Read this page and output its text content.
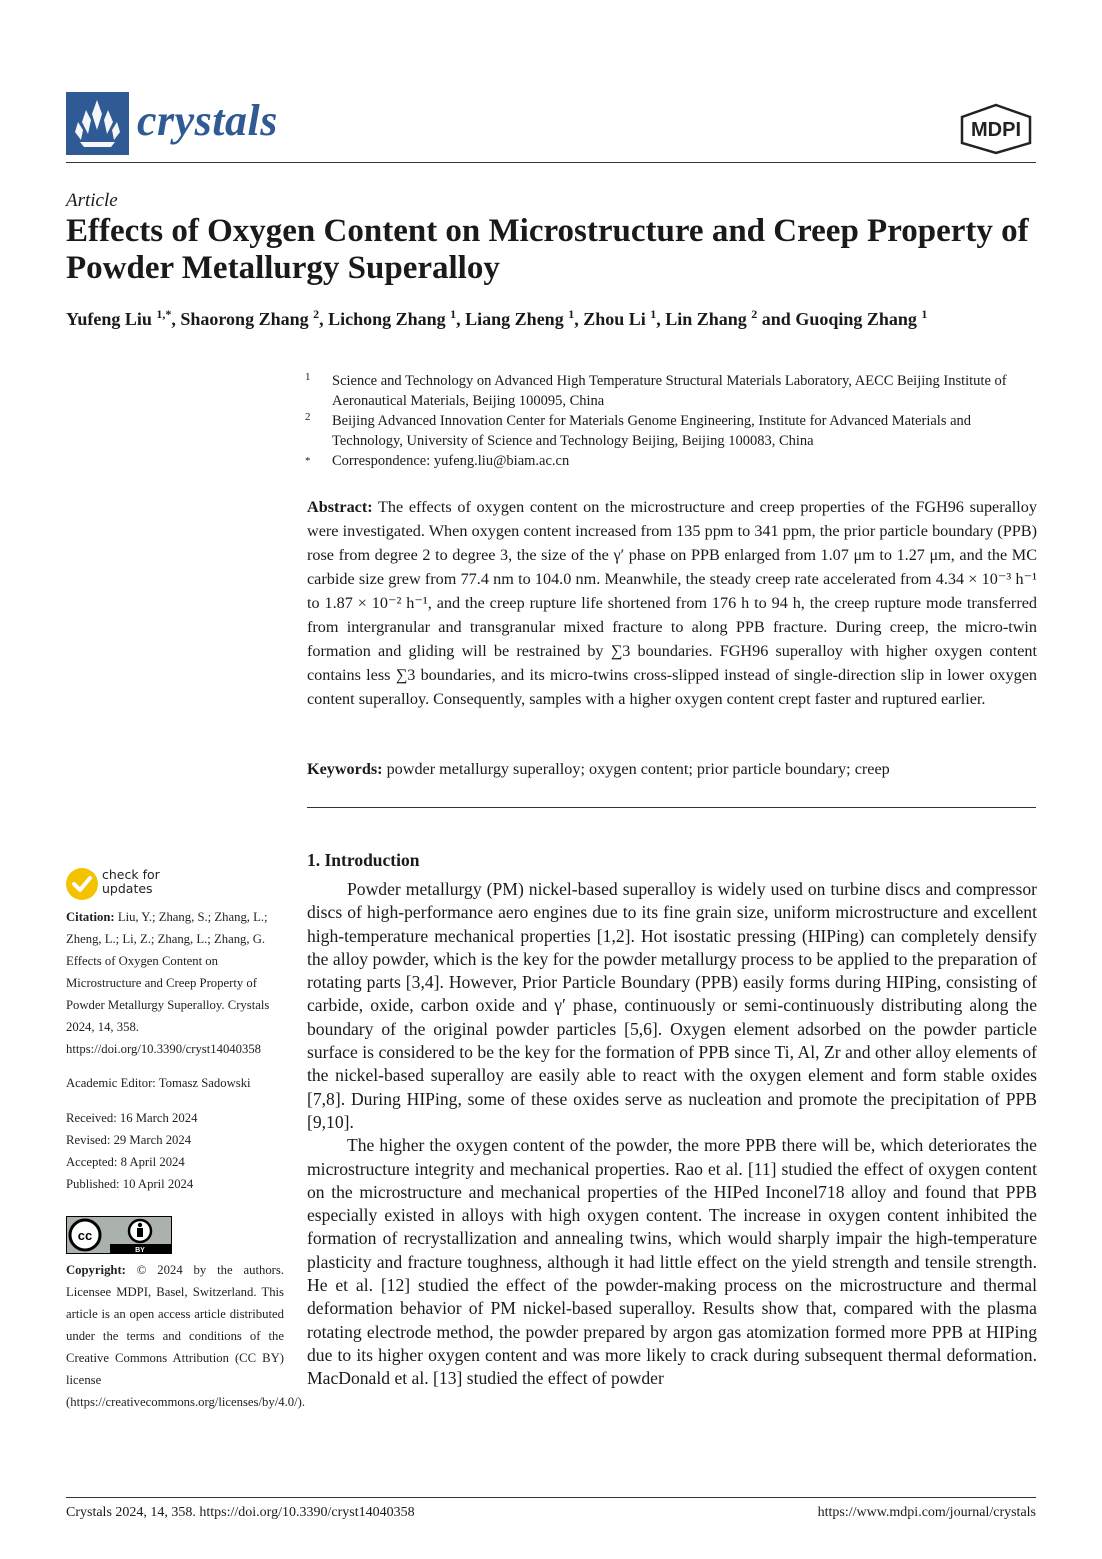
crystals	MDPI
Article
Effects of Oxygen Content on Microstructure and Creep Property of Powder Metallurgy Superalloy
Yufeng Liu $^{1,*}$, Shaorong Zhang $^2$, Lichong Zhang $^1$, Liang Zheng $^1$, Zhou Li $^1$, Lin Zhang $^2$ and Guoqing Zhang $^1$
1 Science and Technology on Advanced High Temperature Structural Materials Laboratory, AECC Beijing Institute of Aeronautical Materials, Beijing 100095, China
2 Beijing Advanced Innovation Center for Materials Genome Engineering, Institute for Advanced Materials and Technology, University of Science and Technology Beijing, Beijing 100083, China
* Correspondence: yufeng.liu@biam.ac.cn
Abstract: The effects of oxygen content on the microstructure and creep properties of the FGH96 superalloy were investigated. When oxygen content increased from 135 ppm to 341 ppm, the prior particle boundary (PPB) rose from degree 2 to degree 3, the size of the γ′ phase on PPB enlarged from 1.07 μm to 1.27 μm, and the MC carbide size grew from 77.4 nm to 104.0 nm. Meanwhile, the steady creep rate accelerated from 4.34 × 10⁻³ h⁻¹ to 1.87 × 10⁻² h⁻¹, and the creep rupture life shortened from 176 h to 94 h, the creep rupture mode transferred from intergranular and transgranular mixed fracture to along PPB fracture. During creep, the micro-twin formation and gliding will be restrained by ∑3 boundaries. FGH96 superalloy with higher oxygen content contains less ∑3 boundaries, and its micro-twins cross-slipped instead of single-direction slip in lower oxygen content superalloy. Consequently, samples with a higher oxygen content crept faster and ruptured earlier.
Keywords: powder metallurgy superalloy; oxygen content; prior particle boundary; creep
1. Introduction

Powder metallurgy (PM) nickel-based superalloy is widely used on turbine discs and compressor discs of high-performance aero engines due to its fine grain size, uniform microstructure and excellent high-temperature mechanical properties [1,2]. Hot isostatic pressing (HIPing) can completely densify the alloy powder, which is the key for the powder metallurgy process to be applied to the preparation of rotating parts [3,4]. However, Prior Particle Boundary (PPB) easily forms during HIPing, consisting of carbide, oxide, carbon oxide and γ′ phase, continuously or semi-continuously distributing along the boundary of the original powder particles [5,6]. Oxygen element adsorbed on the powder particle surface is considered to be the key for the formation of PPB since Ti, Al, Zr and other alloy elements of the nickel-based superalloy are easily able to react with the oxygen element and form stable oxides [7,8]. During HIPing, some of these oxides serve as nucleation and promote the precipitation of PPB [9,10].

The higher the oxygen content of the powder, the more PPB there will be, which deteriorates the microstructure integrity and mechanical properties. Rao et al. [11] studied the effect of oxygen content on the microstructure and mechanical properties of the HIPed Inconel718 alloy and found that PPB especially existed in alloys with high oxygen content. The increase in oxygen content inhibited the formation of recrystallization and annealing twins, which would sharply impair the high-temperature plasticity and fracture toughness, although it had little effect on the yield strength and tensile strength. He et al. [12] studied the effect of the powder-making process on the microstructure and thermal deformation behavior of PM nickel-based superalloy. Results show that, compared with the plasma rotating electrode method, the powder prepared by argon gas atomization formed more PPB at HIPing due to its higher oxygen content and was more likely to crack during subsequent thermal deformation. MacDonald et al. [13] studied the effect of powder

check for updates
Citation: Liu, Y.; Zhang, S.; Zhang, L.; Zheng, L.; Li, Z.; Zhang, L.; Zhang, G. Effects of Oxygen Content on Microstructure and Creep Property of Powder Metallurgy Superalloy. Crystals 2024, 14, 358. https://doi.org/10.3390/cryst14040358
Academic Editor: Tomasz Sadowski
Received: 16 March 2024
Revised: 29 March 2024
Accepted: 8 April 2024
Published: 10 April 2024
cc
BY
Copyright: © 2024 by the authors. Licensee MDPI, Basel, Switzerland. This article is an open access article distributed under the terms and conditions of the Creative Commons Attribution (CC BY) license (https://creativecommons.org/licenses/by/4.0/).
Crystals 2024, 14, 358. https://doi.org/10.3390/cryst14040358	https://www.mdpi.com/journal/crystals
